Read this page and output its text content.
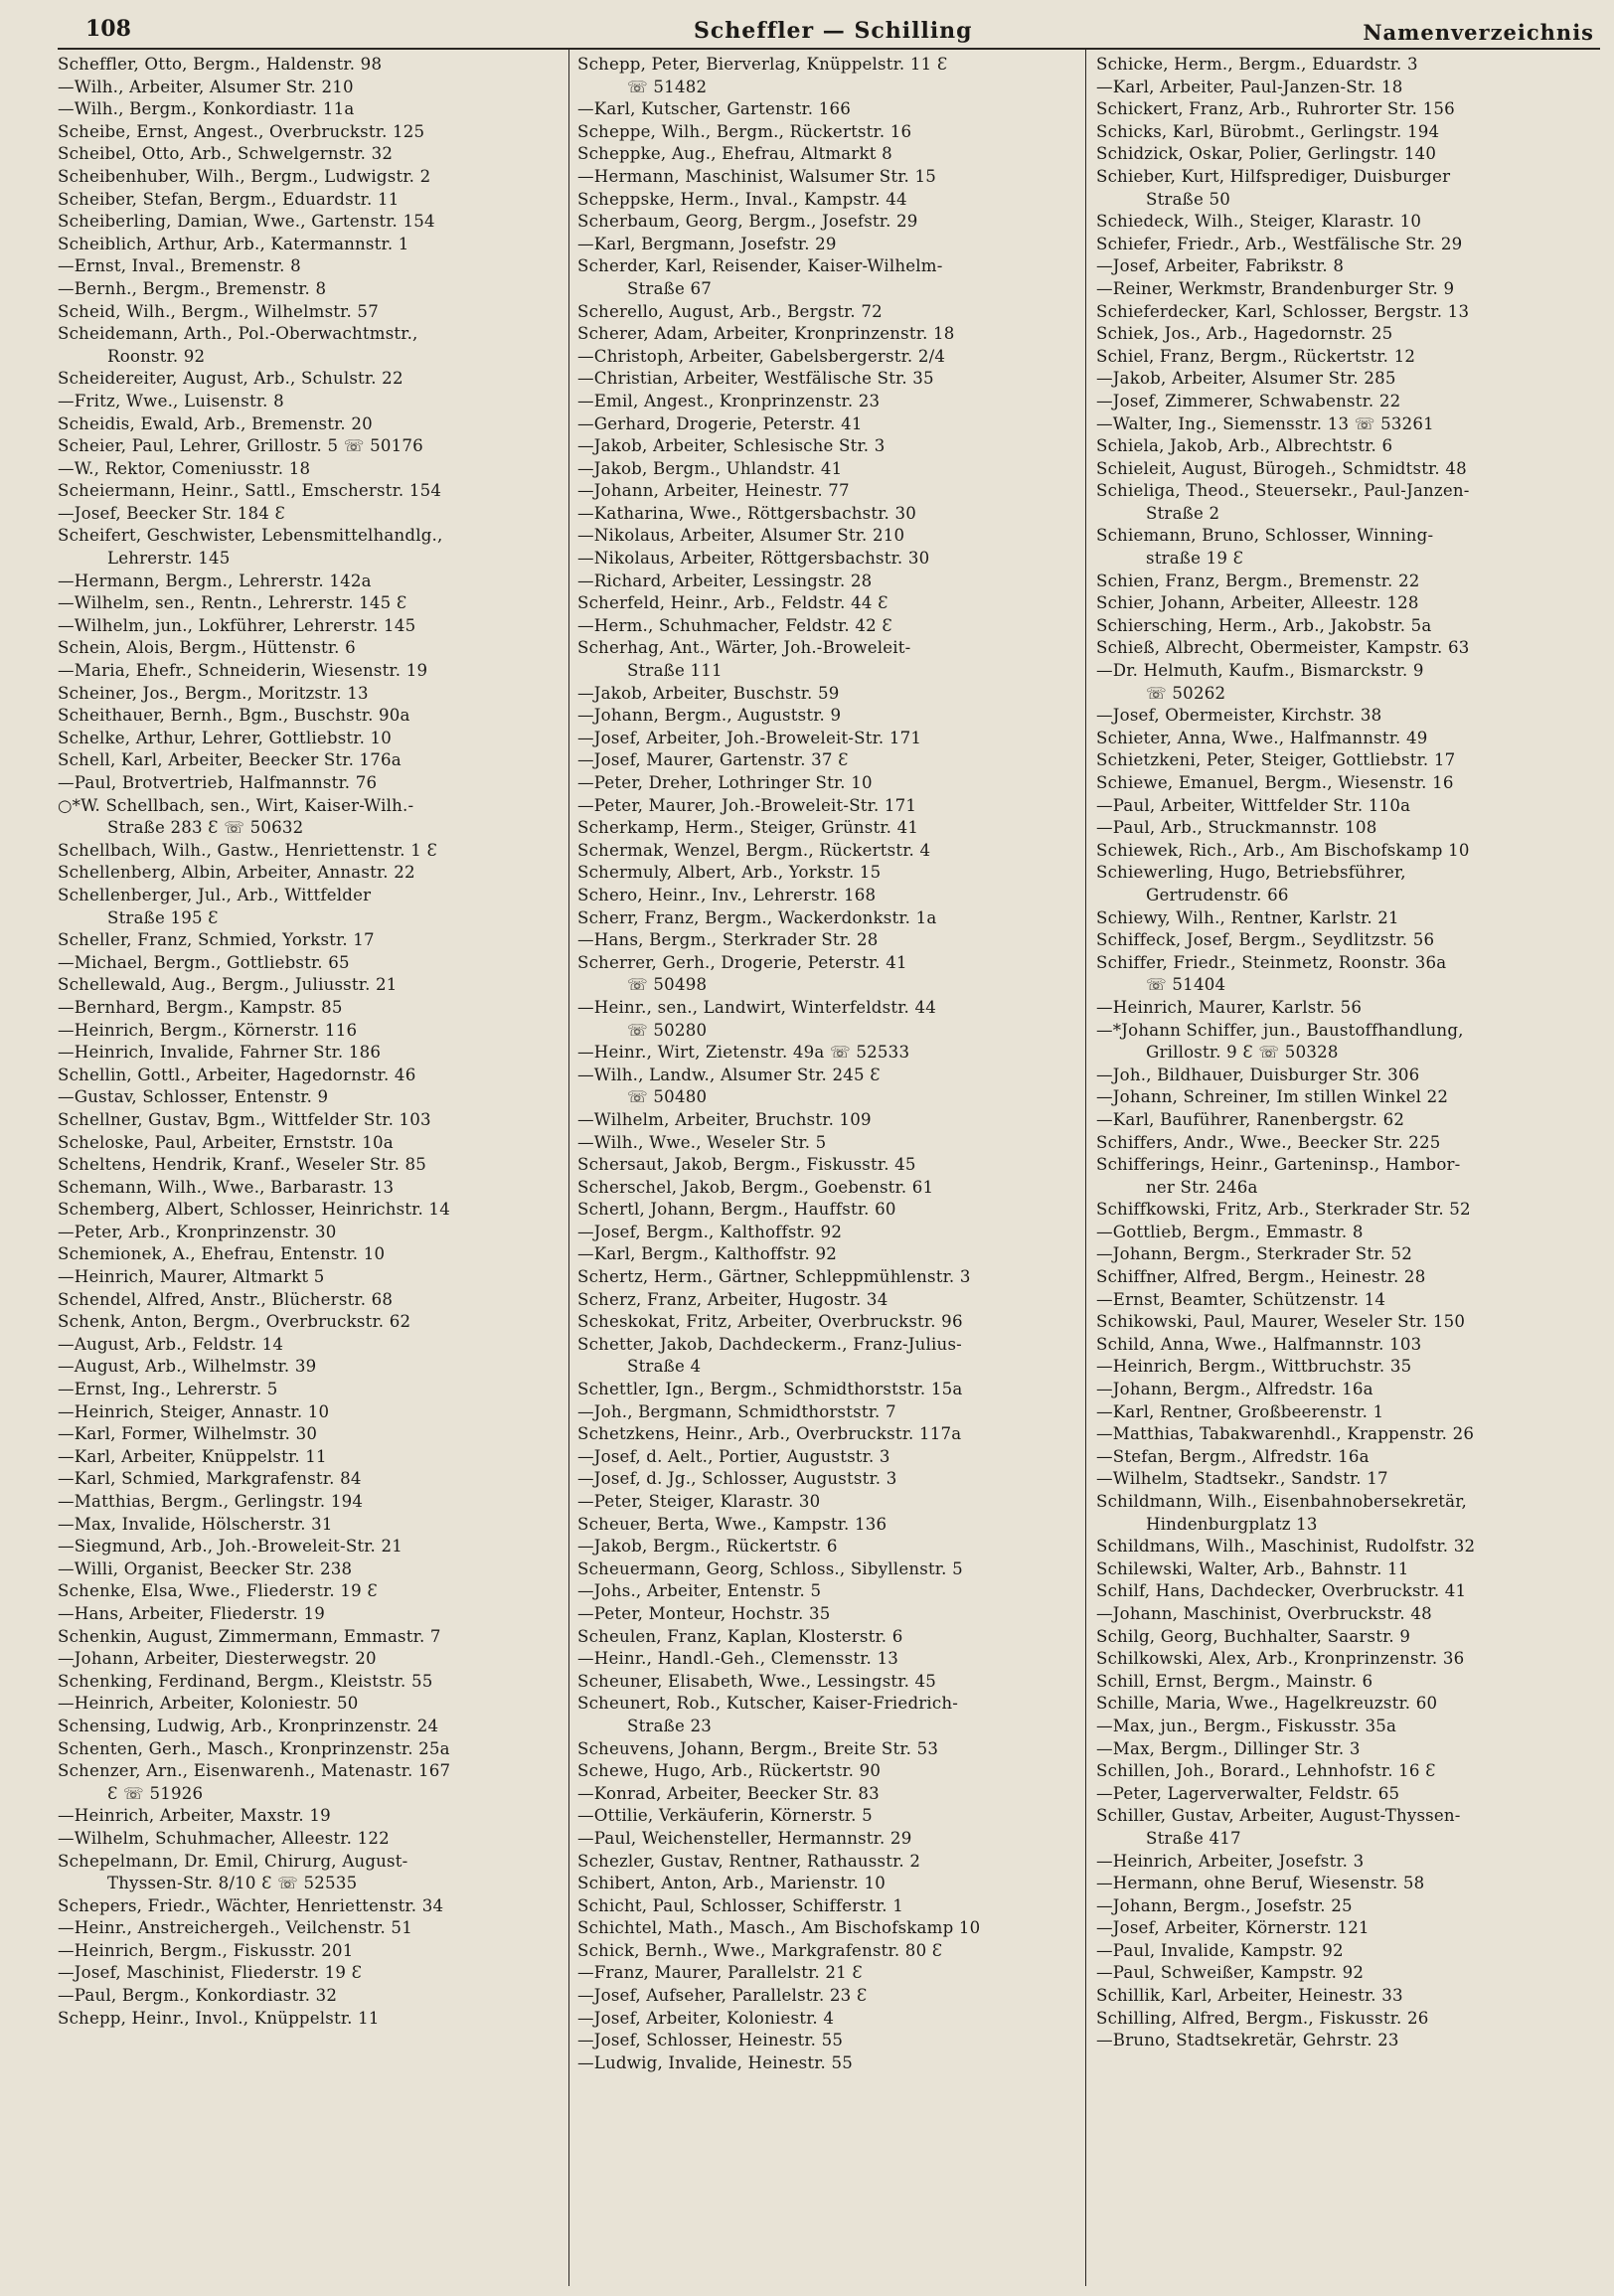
108	Scheffler — Schilling	Namenverzeichnis
Scheffler, Otto, Bergm., Haldenstr. 98
—Wilh., Arbeiter, Alsumer Str. 210
—Wilh., Bergm., Konkordiastr. 11a
Scheibe, Ernst, Angest., Overbruckstr. 125
Scheibel, Otto, Arb., Schwelgernstr. 32
Scheibenhuber, Wilh., Bergm., Ludwigstr. 2
Scheiber, Stefan, Bergm., Eduardstr. 11
Scheiberling, Damian, Wwe., Gartenstr. 154
Scheiblich, Arthur, Arb., Katermannstr. 1
—Ernst, Inval., Bremenstr. 8
—Bernh., Bergm., Bremenstr. 8
Scheid, Wilh., Bergm., Wilhelmstr. 57
Scheidemann, Arth., Pol.-Oberwachtmstr.,
Roonstr. 92
Scheidereiter, August, Arb., Schulstr. 22
—Fritz, Wwe., Luisenstr. 8
Scheidis, Ewald, Arb., Bremenstr. 20
Scheier, Paul, Lehrer, Grillostr. 5 ☏ 50176
—W., Rektor, Comeniusstr. 18
Scheiermann, Heinr., Sattl., Emscherstr. 154
—Josef, Beecker Str. 184 Ɛ
Scheifert, Geschwister, Lebensmittelhandlg.,
Lehrerstr. 145
—Hermann, Bergm., Lehrerstr. 142a
—Wilhelm, sen., Rentn., Lehrerstr. 145 Ɛ
—Wilhelm, jun., Lokführer, Lehrerstr. 145
Schein, Alois, Bergm., Hüttenstr. 6
—Maria, Ehefr., Schneiderin, Wiesenstr. 19
Scheiner, Jos., Bergm., Moritzstr. 13
Scheithauer, Bernh., Bgm., Buschstr. 90a
Schelke, Arthur, Lehrer, Gottliebstr. 10
Schell, Karl, Arbeiter, Beecker Str. 176a
—Paul, Brotvertrieb, Halfmannstr. 76
○*W. Schellbach, sen., Wirt, Kaiser-Wilh.-
Straße 283 Ɛ ☏ 50632
Schellbach, Wilh., Gastw., Henriettenstr. 1 Ɛ
Schellenberg, Albin, Arbeiter, Annastr. 22
Schellenberger, Jul., Arb., Wittfelder
Straße 195 Ɛ
Scheller, Franz, Schmied, Yorkstr. 17
—Michael, Bergm., Gottliebstr. 65
Schellewald, Aug., Bergm., Juliusstr. 21
—Bernhard, Bergm., Kampstr. 85
—Heinrich, Bergm., Körnerstr. 116
—Heinrich, Invalide, Fahrner Str. 186
Schellin, Gottl., Arbeiter, Hagedornstr. 46
—Gustav, Schlosser, Entenstr. 9
Schellner, Gustav, Bgm., Wittfelder Str. 103
Scheloske, Paul, Arbeiter, Ernststr. 10a
Scheltens, Hendrik, Kranf., Weseler Str. 85
Schemann, Wilh., Wwe., Barbarastr. 13
Schemberg, Albert, Schlosser, Heinrichstr. 14
—Peter, Arb., Kronprinzenstr. 30
Schemionek, A., Ehefrau, Entenstr. 10
—Heinrich, Maurer, Altmarkt 5
Schendel, Alfred, Anstr., Blücherstr. 68
Schenk, Anton, Bergm., Overbruckstr. 62
—August, Arb., Feldstr. 14
—August, Arb., Wilhelmstr. 39
—Ernst, Ing., Lehrerstr. 5
—Heinrich, Steiger, Annastr. 10
—Karl, Former, Wilhelmstr. 30
—Karl, Arbeiter, Knüppelstr. 11
—Karl, Schmied, Markgrafenstr. 84
—Matthias, Bergm., Gerlingstr. 194
—Max, Invalide, Hölscherstr. 31
—Siegmund, Arb., Joh.-Broweleit-Str. 21
—Willi, Organist, Beecker Str. 238
Schenke, Elsa, Wwe., Fliederstr. 19 Ɛ
—Hans, Arbeiter, Fliederstr. 19
Schenkin, August, Zimmermann, Emmastr. 7
—Johann, Arbeiter, Diesterwegstr. 20
Schenking, Ferdinand, Bergm., Kleiststr. 55
—Heinrich, Arbeiter, Koloniestr. 50
Schensing, Ludwig, Arb., Kronprinzenstr. 24
Schenten, Gerh., Masch., Kronprinzenstr. 25a
Schenzer, Arn., Eisenwarenh., Matenastr. 167
Ɛ ☏ 51926
—Heinrich, Arbeiter, Maxstr. 19
—Wilhelm, Schuhmacher, Alleestr. 122
Schepelmann, Dr. Emil, Chirurg, August-
Thyssen-Str. 8/10 Ɛ ☏ 52535
Schepers, Friedr., Wächter, Henriettenstr. 34
—Heinr., Anstreichergeh., Veilchenstr. 51
—Heinrich, Bergm., Fiskusstr. 201
—Josef, Maschinist, Fliederstr. 19 Ɛ
—Paul, Bergm., Konkordiastr. 32
Schepp, Heinr., Invol., Knüppelstr. 11
Schepp, Peter, Bierverlag, Knüppelstr. 11 Ɛ
☏ 51482
—Karl, Kutscher, Gartenstr. 166
Scheppe, Wilh., Bergm., Rückertstr. 16
Scheppke, Aug., Ehefrau, Altmarkt 8
—Hermann, Maschinist, Walsumer Str. 15
Scheppske, Herm., Inval., Kampstr. 44
Scherbaum, Georg, Bergm., Josefstr. 29
—Karl, Bergmann, Josefstr. 29
Scherder, Karl, Reisender, Kaiser-Wilhelm-
Straße 67
Scherello, August, Arb., Bergstr. 72
Scherer, Adam, Arbeiter, Kronprinzenstr. 18
—Christoph, Arbeiter, Gabelsbergerstr. 2/4
—Christian, Arbeiter, Westfälische Str. 35
—Emil, Angest., Kronprinzenstr. 23
—Gerhard, Drogerie, Peterstr. 41
—Jakob, Arbeiter, Schlesische Str. 3
—Jakob, Bergm., Uhlandstr. 41
—Johann, Arbeiter, Heinestr. 77
—Katharina, Wwe., Röttgersbachstr. 30
—Nikolaus, Arbeiter, Alsumer Str. 210
—Nikolaus, Arbeiter, Röttgersbachstr. 30
—Richard, Arbeiter, Lessingstr. 28
Scherfeld, Heinr., Arb., Feldstr. 44 Ɛ
—Herm., Schuhmacher, Feldstr. 42 Ɛ
Scherhag, Ant., Wärter, Joh.-Broweleit-
Straße 111
—Jakob, Arbeiter, Buschstr. 59
—Johann, Bergm., Auguststr. 9
—Josef, Arbeiter, Joh.-Broweleit-Str. 171
—Josef, Maurer, Gartenstr. 37 Ɛ
—Peter, Dreher, Lothringer Str. 10
—Peter, Maurer, Joh.-Broweleit-Str. 171
Scherkamp, Herm., Steiger, Grünstr. 41
Schermak, Wenzel, Bergm., Rückertstr. 4
Schermuly, Albert, Arb., Yorkstr. 15
Schero, Heinr., Inv., Lehrerstr. 168
Scherr, Franz, Bergm., Wackerdonkstr. 1a
—Hans, Bergm., Sterkrader Str. 28
Scherrer, Gerh., Drogerie, Peterstr. 41
☏ 50498
—Heinr., sen., Landwirt, Winterfeldstr. 44
☏ 50280
—Heinr., Wirt, Zietenstr. 49a ☏ 52533
—Wilh., Landw., Alsumer Str. 245 Ɛ
☏ 50480
—Wilhelm, Arbeiter, Bruchstr. 109
—Wilh., Wwe., Weseler Str. 5
Schersaut, Jakob, Bergm., Fiskusstr. 45
Scherschel, Jakob, Bergm., Goebenstr. 61
Schertl, Johann, Bergm., Hauffstr. 60
—Josef, Bergm., Kalthoffstr. 92
—Karl, Bergm., Kalthoffstr. 92
Schertz, Herm., Gärtner, Schleppmühlenstr. 3
Scherz, Franz, Arbeiter, Hugostr. 34
Scheskokat, Fritz, Arbeiter, Overbruckstr. 96
Schetter, Jakob, Dachdeckerm., Franz-Julius-
Straße 4
Schettler, Ign., Bergm., Schmidthorststr. 15a
—Joh., Bergmann, Schmidthorststr. 7
Schetzkens, Heinr., Arb., Overbruckstr. 117a
—Josef, d. Aelt., Portier, Auguststr. 3
—Josef, d. Jg., Schlosser, Auguststr. 3
—Peter, Steiger, Klarastr. 30
Scheuer, Berta, Wwe., Kampstr. 136
—Jakob, Bergm., Rückertstr. 6
Scheuermann, Georg, Schloss., Sibyllenstr. 5
—Johs., Arbeiter, Entenstr. 5
—Peter, Monteur, Hochstr. 35
Scheulen, Franz, Kaplan, Klosterstr. 6
—Heinr., Handl.-Geh., Clemensstr. 13
Scheuner, Elisabeth, Wwe., Lessingstr. 45
Scheunert, Rob., Kutscher, Kaiser-Friedrich-
Straße 23
Scheuvens, Johann, Bergm., Breite Str. 53
Schewe, Hugo, Arb., Rückertstr. 90
—Konrad, Arbeiter, Beecker Str. 83
—Ottilie, Verkäuferin, Körnerstr. 5
—Paul, Weichensteller, Hermannstr. 29
Schezler, Gustav, Rentner, Rathausstr. 2
Schibert, Anton, Arb., Marienstr. 10
Schicht, Paul, Schlosser, Schifferstr. 1
Schichtel, Math., Masch., Am Bischofskamp 10
Schick, Bernh., Wwe., Markgrafenstr. 80 Ɛ
—Franz, Maurer, Parallelstr. 21 Ɛ
—Josef, Aufseher, Parallelstr. 23 Ɛ
—Josef, Arbeiter, Koloniestr. 4
—Josef, Schlosser, Heinestr. 55
—Ludwig, Invalide, Heinestr. 55
Schicke, Herm., Bergm., Eduardstr. 3
—Karl, Arbeiter, Paul-Janzen-Str. 18
Schickert, Franz, Arb., Ruhrorter Str. 156
Schicks, Karl, Bürobmt., Gerlingstr. 194
Schidzick, Oskar, Polier, Gerlingstr. 140
Schieber, Kurt, Hilfsprediger, Duisburger
Straße 50
Schiedeck, Wilh., Steiger, Klarastr. 10
Schiefer, Friedr., Arb., Westfälische Str. 29
—Josef, Arbeiter, Fabrikstr. 8
—Reiner, Werkmstr, Brandenburger Str. 9
Schieferdecker, Karl, Schlosser, Bergstr. 13
Schiek, Jos., Arb., Hagedornstr. 25
Schiel, Franz, Bergm., Rückertstr. 12
—Jakob, Arbeiter, Alsumer Str. 285
—Josef, Zimmerer, Schwabenstr. 22
—Walter, Ing., Siemensstr. 13 ☏ 53261
Schiela, Jakob, Arb., Albrechtstr. 6
Schieleit, August, Bürogeh., Schmidtstr. 48
Schieliga, Theod., Steuersekr., Paul-Janzen-
Straße 2
Schiemann, Bruno, Schlosser, Winning-
straße 19 Ɛ
Schien, Franz, Bergm., Bremenstr. 22
Schier, Johann, Arbeiter, Alleestr. 128
Schiersching, Herm., Arb., Jakobstr. 5a
Schieß, Albrecht, Obermeister, Kampstr. 63
—Dr. Helmuth, Kaufm., Bismarckstr. 9
☏ 50262
—Josef, Obermeister, Kirchstr. 38
Schieter, Anna, Wwe., Halfmannstr. 49
Schietzkeni, Peter, Steiger, Gottliebstr. 17
Schiewe, Emanuel, Bergm., Wiesenstr. 16
—Paul, Arbeiter, Wittfelder Str. 110a
—Paul, Arb., Struckmannstr. 108
Schiewek, Rich., Arb., Am Bischofskamp 10
Schiewerling, Hugo, Betriebsführer,
Gertrudenstr. 66
Schiewy, Wilh., Rentner, Karlstr. 21
Schiffeck, Josef, Bergm., Seydlitzstr. 56
Schiffer, Friedr., Steinmetz, Roonstr. 36a
☏ 51404
—Heinrich, Maurer, Karlstr. 56
—*Johann Schiffer, jun., Baustoffhandlung,
Grillostr. 9 Ɛ ☏ 50328
—Joh., Bildhauer, Duisburger Str. 306
—Johann, Schreiner, Im stillen Winkel 22
—Karl, Bauführer, Ranenbergstr. 62
Schiffers, Andr., Wwe., Beecker Str. 225
Schifferings, Heinr., Garteninsp., Hambor-
ner Str. 246a
Schiffkowski, Fritz, Arb., Sterkrader Str. 52
—Gottlieb, Bergm., Emmastr. 8
—Johann, Bergm., Sterkrader Str. 52
Schiffner, Alfred, Bergm., Heinestr. 28
—Ernst, Beamter, Schützenstr. 14
Schikowski, Paul, Maurer, Weseler Str. 150
Schild, Anna, Wwe., Halfmannstr. 103
—Heinrich, Bergm., Wittbruchstr. 35
—Johann, Bergm., Alfredstr. 16a
—Karl, Rentner, Großbeerenstr. 1
—Matthias, Tabakwarenhdl., Krappenstr. 26
—Stefan, Bergm., Alfredstr. 16a
—Wilhelm, Stadtsekr., Sandstr. 17
Schildmann, Wilh., Eisenbahnobersekretär,
Hindenburgplatz 13
Schildmans, Wilh., Maschinist, Rudolfstr. 32
Schilewski, Walter, Arb., Bahnstr. 11
Schilf, Hans, Dachdecker, Overbruckstr. 41
—Johann, Maschinist, Overbruckstr. 48
Schilg, Georg, Buchhalter, Saarstr. 9
Schilkowski, Alex, Arb., Kronprinzenstr. 36
Schill, Ernst, Bergm., Mainstr. 6
Schille, Maria, Wwe., Hagelkreuzstr. 60
—Max, jun., Bergm., Fiskusstr. 35a
—Max, Bergm., Dillinger Str. 3
Schillen, Joh., Borard., Lehnhofstr. 16 Ɛ
—Peter, Lagerverwalter, Feldstr. 65
Schiller, Gustav, Arbeiter, August-Thyssen-
Straße 417
—Heinrich, Arbeiter, Josefstr. 3
—Hermann, ohne Beruf, Wiesenstr. 58
—Johann, Bergm., Josefstr. 25
—Josef, Arbeiter, Körnerstr. 121
—Paul, Invalide, Kampstr. 92
—Paul, Schweißer, Kampstr. 92
Schillik, Karl, Arbeiter, Heinestr. 33
Schilling, Alfred, Bergm., Fiskusstr. 26
—Bruno, Stadtsekretär, Gehrstr. 23
